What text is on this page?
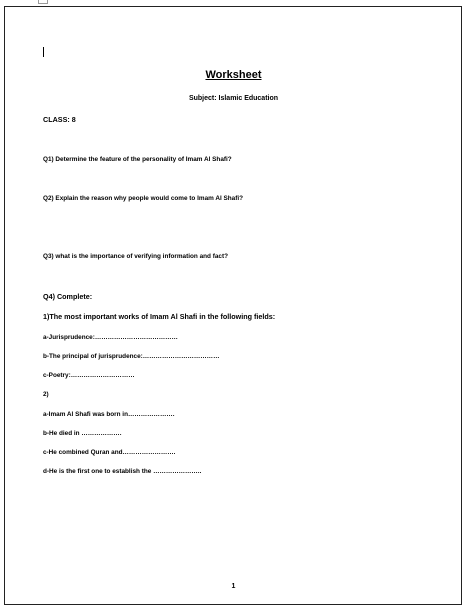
Worksheet
Subject: Islamic Education
CLASS: 8
Q1) Determine the feature of the personality of Imam Al Shafi?
Q2) Explain the reason why people would come to Imam Al Shafi?
Q3) what is the importance of verifying information and fact?
Q4) Complete:
1)The most important works of Imam Al Shafi in the following fields:
a-Jurisprudence:…………………………………
b-The principal of jurisprudence:………………………………
c-Poetry:…………………………
2)
a-Imam Al Shafi was born in………………….
b-He died in ……………….
c-He combined Quran and…………………….
d-He is the first one to establish the …………………..
1
